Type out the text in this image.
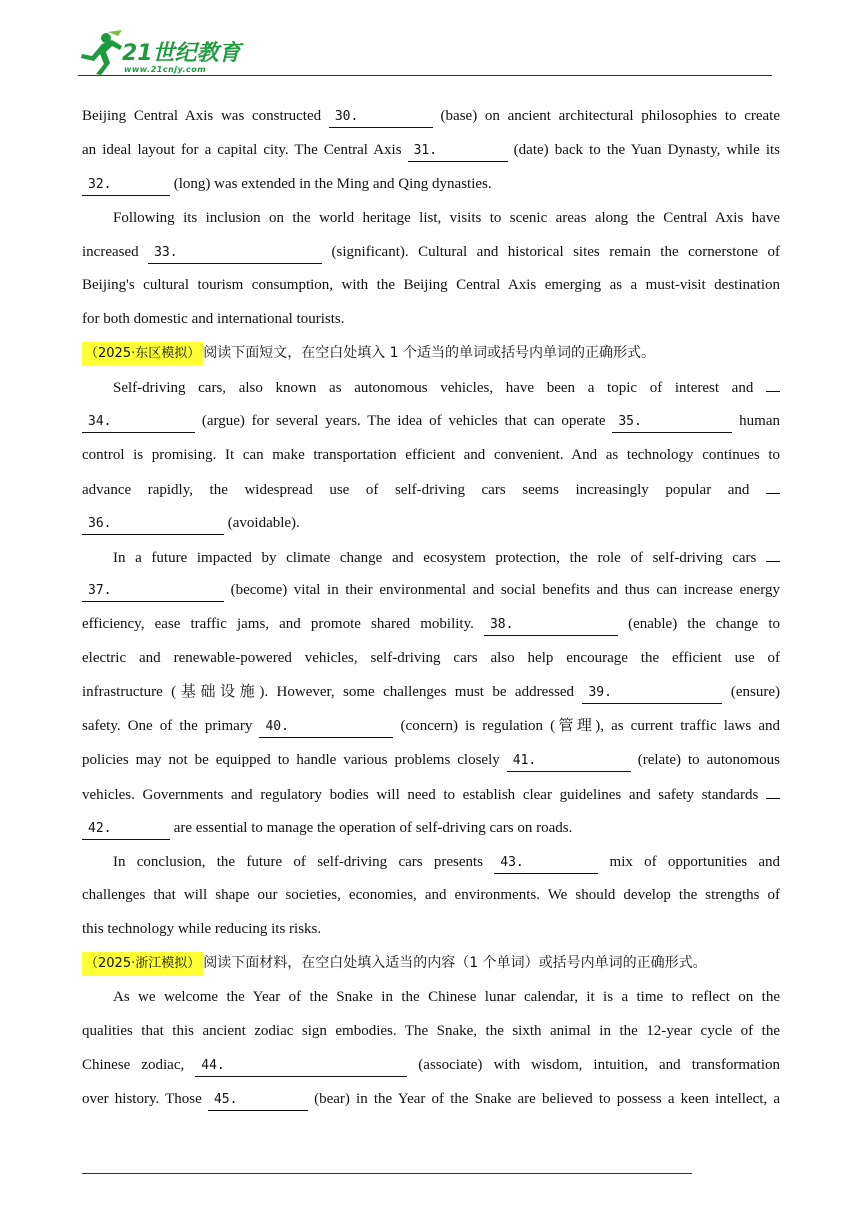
21世纪教育
www.21cnjy.com
Beijing Central Axis was constructed 30.	(base) on ancient architectural philosophies to create
an ideal layout for a capital city. The Central Axis 31.	(date) back to the Yuan Dynasty, while its
32.	(long) was extended in the Ming and Qing dynasties.
Following its inclusion on the world heritage list, visits to scenic areas along the Central Axis have
increased 33.	(significant). Cultural and historical sites remain the cornerstone of
Beijing's cultural tourism consumption, with the Beijing Central Axis emerging as a must-visit destination
for both domestic and international tourists.
（2025·东区模拟） 阅读下面短文，在空白处填入 1 个适当的单词或括号内单词的正确形式。
Self-driving cars, also known as autonomous vehicles, have been a topic of interest and
34.	(argue) for several years. The idea of vehicles that can operate 35.	human
control is promising. It can make transportation efficient and convenient. And as technology continues to
advance rapidly, the widespread use of self-driving cars seems increasingly popular and
36.	(avoidable).
In a future impacted by climate change and ecosystem protection, the role of self-driving cars
37.	(become) vital in their environmental and social benefits and thus can increase energy
efficiency, ease traffic jams, and promote shared mobility. 38.	(enable) the change to
electric and renewable-powered vehicles, self-driving cars also help encourage the efficient use of
infrastructure (基础设施). However, some challenges must be addressed 39.	(ensure)
safety. One of the primary 40.	(concern) is regulation (管理), as current traffic laws and
policies may not be equipped to handle various problems closely 41.	(relate) to autonomous
vehicles. Governments and regulatory bodies will need to establish clear guidelines and safety standards
42.	are essential to manage the operation of self-driving cars on roads.
In conclusion, the future of self-driving cars presents 43.	mix of opportunities and
challenges that will shape our societies, economies, and environments. We should develop the strengths of
this technology while reducing its risks.
（2025·浙江模拟） 阅读下面材料，在空白处填入适当的内容（1 个单词）或括号内单词的正确形式。
As we welcome the Year of the Snake in the Chinese lunar calendar, it is a time to reflect on the
qualities that this ancient zodiac sign embodies. The Snake, the sixth animal in the 12-year cycle of the
Chinese zodiac, 44.	(associate) with wisdom, intuition, and transformation
over history. Those 45.	(bear) in the Year of the Snake are believed to possess a keen intellect, a
